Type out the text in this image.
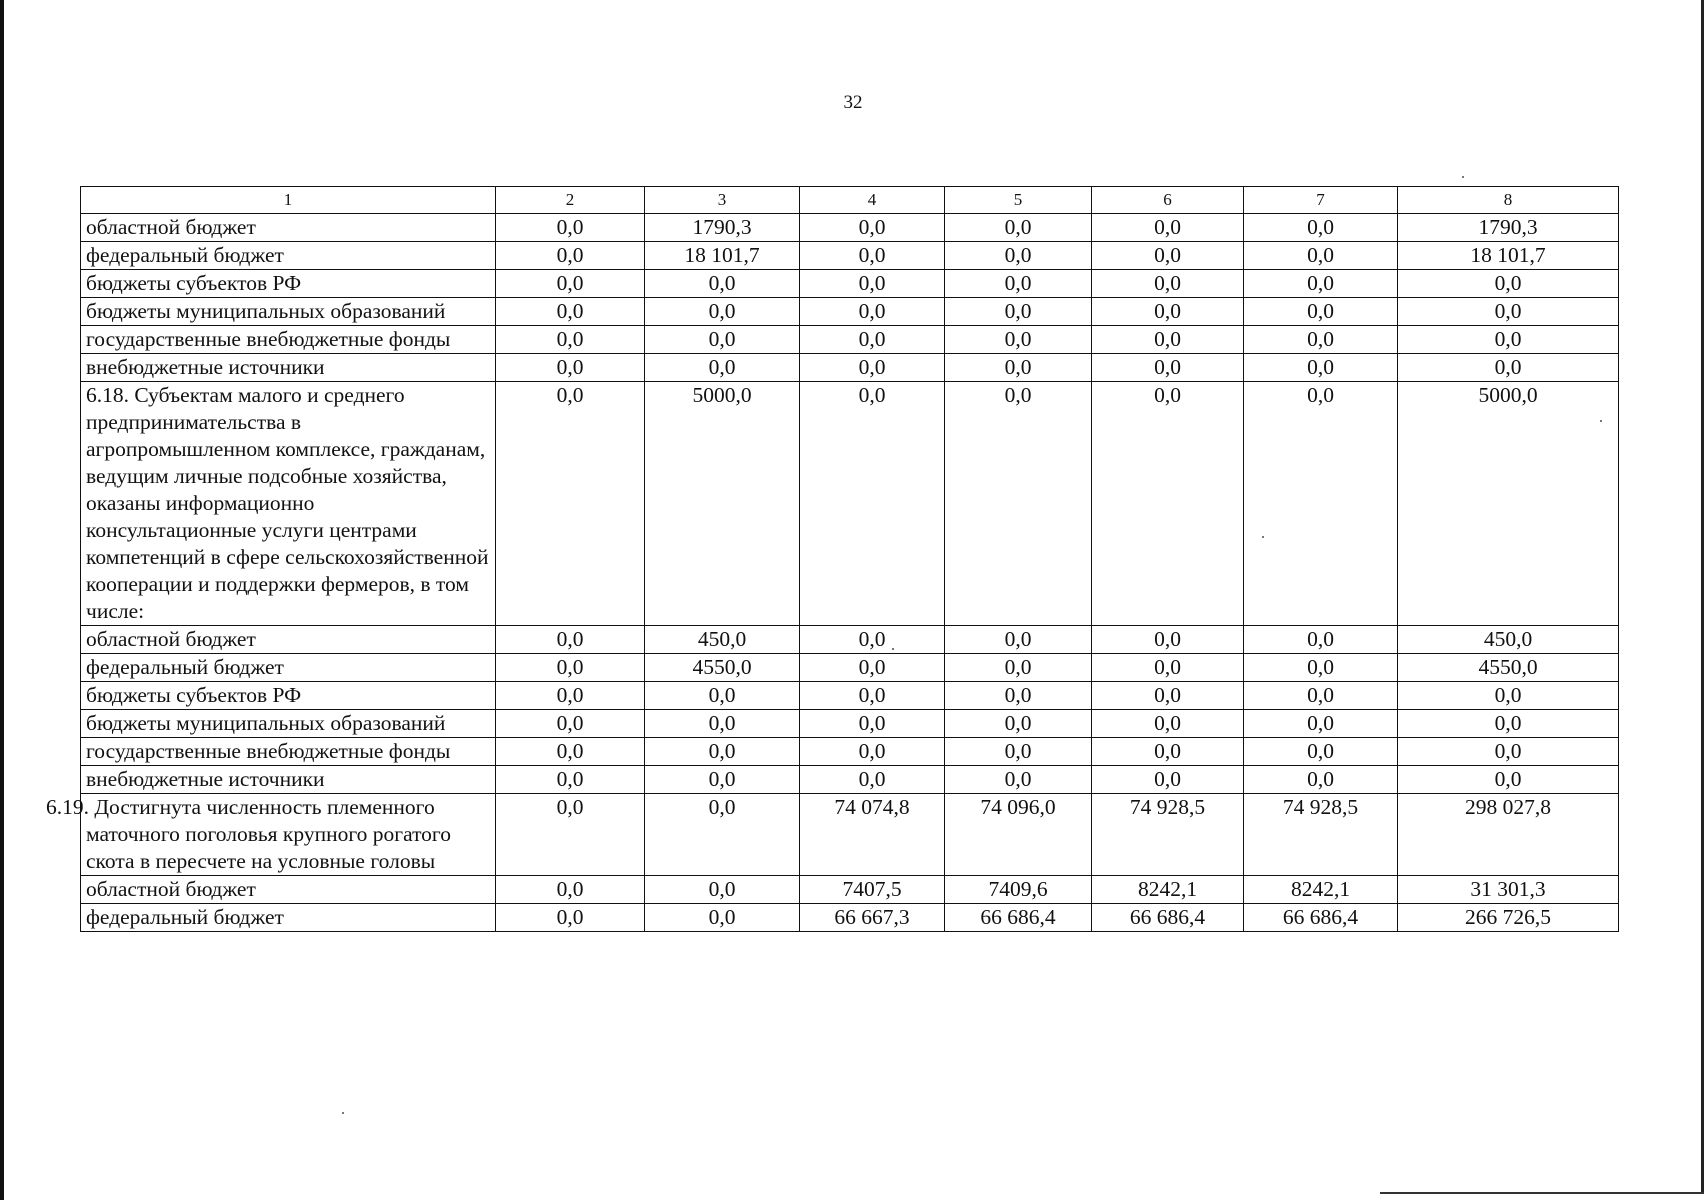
32
1	2	3	4	5	6	7	8
областной бюджет	0,0	1790,3	0,0	0,0	0,0	0,0	1790,3
федеральный бюджет	0,0	18 101,7	0,0	0,0	0,0	0,0	18 101,7
бюджеты субъектов РФ	0,0	0,0	0,0	0,0	0,0	0,0	0,0
бюджеты муниципальных образований	0,0	0,0	0,0	0,0	0,0	0,0	0,0
государственные внебюджетные фонды	0,0	0,0	0,0	0,0	0,0	0,0	0,0
внебюджетные источники	0,0	0,0	0,0	0,0	0,0	0,0	0,0
6.18. Субъектам малого и среднего предпринимательства в агропромышленном комплексе, гражданам, ведущим личные подсобные хозяйства, оказаны информационно консультационные услуги центрами компетенций в сфере сельскохозяйственной кооперации и поддержки фермеров, в том числе:	0,0	5000,0	0,0	0,0	0,0	0,0	5000,0
областной бюджет	0,0	450,0	0,0	0,0	0,0	0,0	450,0
федеральный бюджет	0,0	4550,0	0,0	0,0	0,0	0,0	4550,0
бюджеты субъектов РФ	0,0	0,0	0,0	0,0	0,0	0,0	0,0
бюджеты муниципальных образований	0,0	0,0	0,0	0,0	0,0	0,0	0,0
государственные внебюджетные фонды	0,0	0,0	0,0	0,0	0,0	0,0	0,0
внебюджетные источники	0,0	0,0	0,0	0,0	0,0	0,0	0,0
6.19. Достигнута численность племенного маточного поголовья крупного рогатого скота в пересчете на условные головы	0,0	0,0	74 074,8	74 096,0	74 928,5	74 928,5	298 027,8
областной бюджет	0,0	0,0	7407,5	7409,6	8242,1	8242,1	31 301,3
федеральный бюджет	0,0	0,0	66 667,3	66 686,4	66 686,4	66 686,4	266 726,5
